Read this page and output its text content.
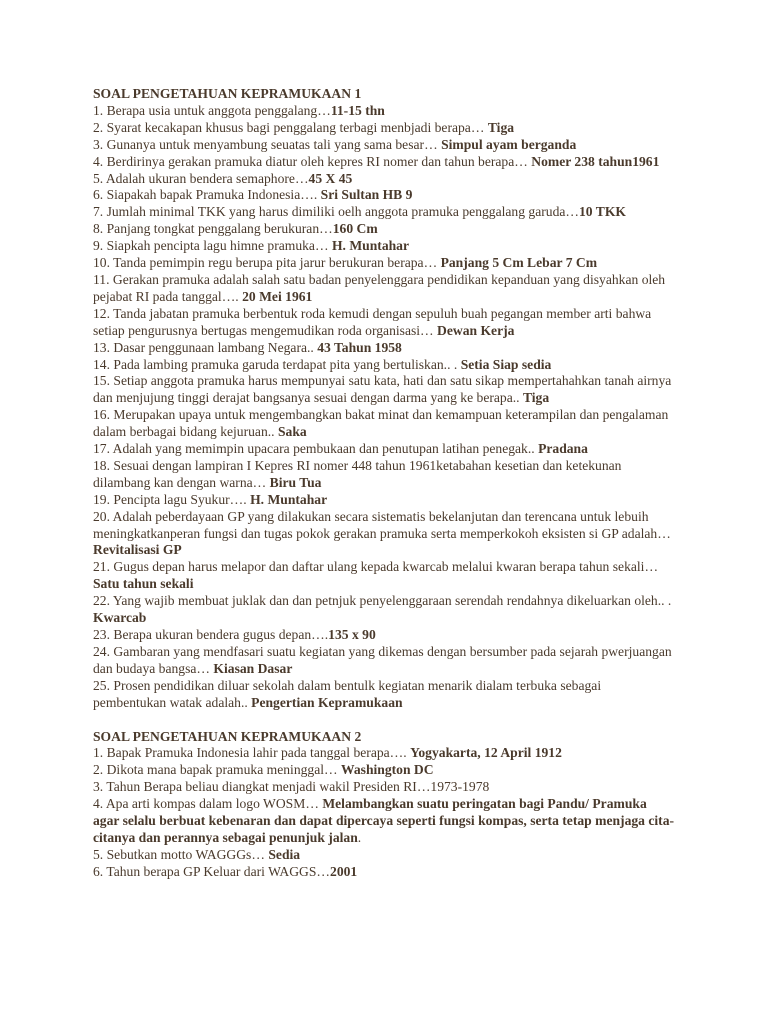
SOAL PENGETAHUAN KEPRAMUKAAN 1

1. Berapa usia untuk anggota penggalang…11-15 thn
2. Syarat kecakapan khusus bagi penggalang terbagi menbjadi berapa… Tiga
3. Gunanya untuk menyambung seuatas tali yang sama besar… Simpul ayam berganda
4. Berdirinya gerakan pramuka diatur oleh kepres RI nomer dan tahun berapa… Nomer 238 tahun1961
5. Adalah ukuran bendera semaphore…45 X 45
6. Siapakah bapak Pramuka Indonesia…. Sri Sultan HB 9
7. Jumlah minimal TKK yang harus dimiliki oelh anggota pramuka penggalang garuda…10 TKK
8. Panjang tongkat penggalang berukuran…160 Cm
9. Siapkah pencipta lagu himne pramuka… H. Muntahar
10. Tanda pemimpin regu berupa pita jarur berukuran berapa… Panjang 5 Cm Lebar 7 Cm
11. Gerakan pramuka adalah salah satu badan penyelenggara pendidikan kepanduan yang disyahkan oleh pejabat RI pada tanggal…. 20 Mei 1961
12. Tanda jabatan pramuka berbentuk roda kemudi dengan sepuluh buah pegangan member arti bahwa setiap pengurusnya bertugas mengemudikan roda organisasi… Dewan Kerja
13. Dasar penggunaan lambang Negara.. 43 Tahun 1958
14. Pada lambing pramuka garuda terdapat pita yang bertuliskan.. . Setia Siap sedia
15. Setiap anggota pramuka harus mempunyai satu kata, hati dan satu sikap mempertahahkan tanah airnya dan menjujung tinggi derajat bangsanya sesuai dengan darma yang ke berapa.. Tiga
16. Merupakan upaya untuk mengembangkan bakat minat dan kemampuan keterampilan dan pengalaman dalam berbagai bidang kejuruan.. Saka
17. Adalah yang memimpin upacara pembukaan dan penutupan latihan penegak.. Pradana
18. Sesuai dengan lampiran I Kepres RI nomer 448 tahun 1961ketabahan kesetian dan ketekunan dilambang kan dengan warna… Biru Tua
19. Pencipta lagu Syukur…. H. Muntahar
20. Adalah peberdayaan GP yang dilakukan secara sistematis bekelanjutan dan terencana untuk lebuih meningkatkanperan fungsi dan tugas pokok gerakan pramuka serta memperkokoh eksisten si GP adalah… Revitalisasi GP
21. Gugus depan harus melapor dan daftar ulang kepada kwarcab melalui kwaran berapa tahun sekali… Satu tahun sekali
22. Yang wajib membuat juklak dan dan petnjuk penyelenggaraan serendah rendahnya dikeluarkan oleh.. . Kwarcab
23. Berapa ukuran bendera gugus depan….135 x 90
24. Gambaran yang mendfasari suatu kegiatan yang dikemas dengan bersumber pada sejarah pwerjuangan dan budaya bangsa… Kiasan Dasar
25. Prosen pendidikan diluar sekolah dalam bentulk kegiatan menarik dialam terbuka sebagai pembentukan watak adalah.. Pengertian Kepramukaan

SOAL PENGETAHUAN KEPRAMUKAAN 2

1. Bapak Pramuka Indonesia lahir pada tanggal berapa…. Yogyakarta, 12 April 1912
2. Dikota mana bapak pramuka meninggal… Washington DC
3. Tahun Berapa beliau diangkat menjadi wakil Presiden RI…1973-1978
4. Apa arti kompas dalam logo WOSM… Melambangkan suatu peringatan bagi Pandu/ Pramuka agar selalu berbuat kebenaran dan dapat dipercaya seperti fungsi kompas, serta tetap menjaga cita-citanya dan perannya sebagai penunjuk jalan.
5. Sebutkan motto WAGGGs… Sedia
6. Tahun berapa GP Keluar dari WAGGS…2001
